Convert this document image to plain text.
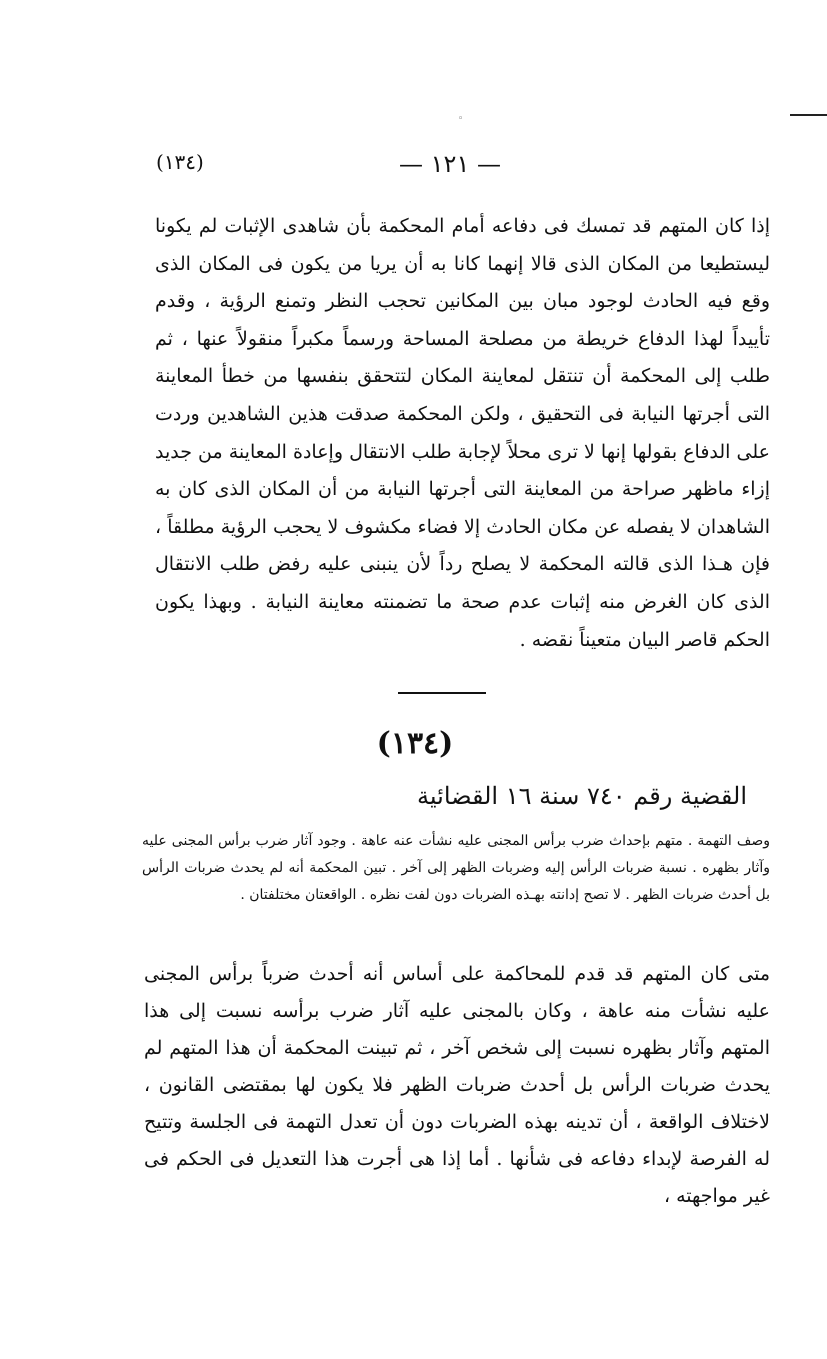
◦
(١٣٤)	— ١٢١ —

إذا كان المتهم قد تمسك فى دفاعه أمام المحكمة بأن شاهدى الإثبات لم يكونا ليستطيعا من المكان الذى قالا إنهما كانا به أن يريا من يكون فى المكان الذى وقع فيه الحادث لوجود مبان بين المكانين تحجب النظر وتمنع الرؤية ، وقدم تأييداً لهذا الدفاع خريطة من مصلحة المساحة ورسماً مكبراً منقولاً عنها ، ثم طلب إلى المحكمة أن تنتقل لمعاينة المكان لتتحقق بنفسها من خطأ المعاينة التى أجرتها النيابة فى التحقيق ، ولكن المحكمة صدقت هذين الشاهدين وردت على الدفاع بقولها إنها لا ترى محلاً لإجابة طلب الانتقال وإعادة المعاينة من جديد إزاء ماظهر صراحة من المعاينة التى أجرتها النيابة من أن المكان الذى كان به الشاهدان لا يفصله عن مكان الحادث إلا فضاء مكشوف لا يحجب الرؤية مطلقاً ، فإن هـذا الذى قالته المحكمة لا يصلح رداً لأن ينبنى عليه رفض طلب الانتقال الذى كان الغرض منه إثبات عدم صحة ما تضمنته معاينة النيابة . وبهذا يكون الحكم قاصر البيان متعيناً نقضه .

(١٣٤)
القضية رقم ٧٤٠ سنة ١٦ القضائية

وصف التهمة . متهم بإحداث ضرب برأس المجنى عليه نشأت عنه عاهة . وجود آثار ضرب برأس المجنى عليه وآثار بظهره . نسبة ضربات الرأس إليه وضربات الظهر إلى آخر . تبين المحكمة أنه لم يحدث ضربات الرأس بل أحدث ضربات الظهر . لا تصح إدانته بهـذه الضربات دون لفت نظره . الواقعتان مختلفتان .

متى كان المتهم قد قدم للمحاكمة على أساس أنه أحدث ضرباً برأس المجنى عليه نشأت منه عاهة ، وكان بالمجنى عليه آثار ضرب برأسه نسبت إلى هذا المتهم وآثار بظهره نسبت إلى شخص آخر ، ثم تبينت المحكمة أن هذا المتهم لم يحدث ضربات الرأس بل أحدث ضربات الظهر فلا يكون لها بمقتضى القانون ، لاختلاف الواقعة ، أن تدينه بهذه الضربات دون أن تعدل التهمة فى الجلسة وتتيح له الفرصة لإبداء دفاعه فى شأنها . أما إذا هى أجرت هذا التعديل فى الحكم فى غير مواجهته ،
